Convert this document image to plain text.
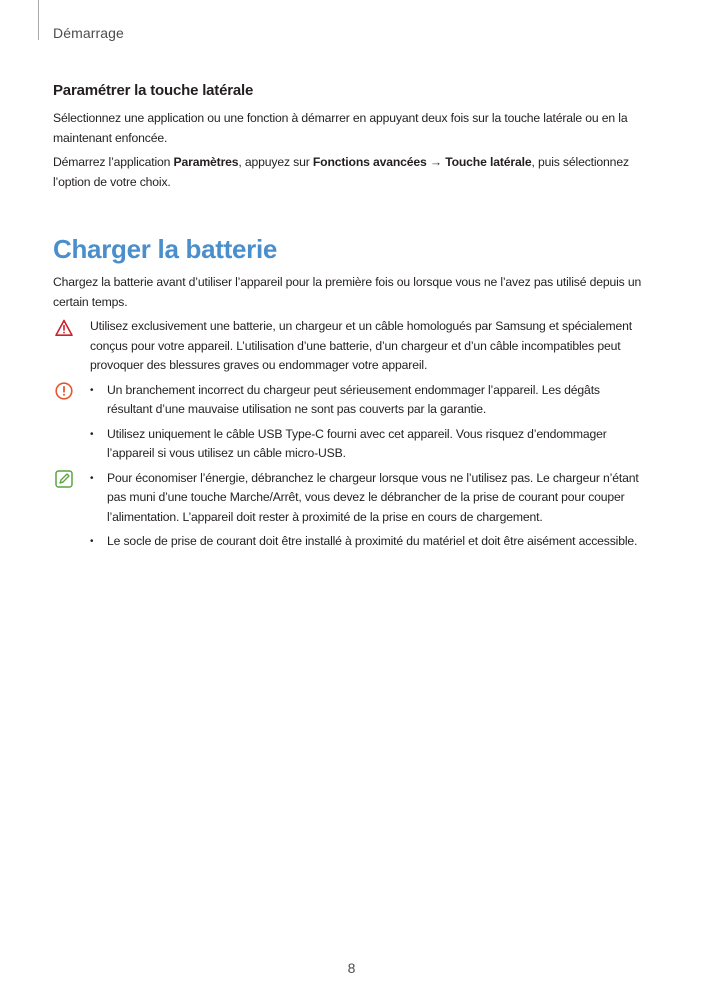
Démarrage
Paramétrer la touche latérale

Sélectionnez une application ou une fonction à démarrer en appuyant deux fois sur la touche latérale ou en la maintenant enfoncée.

Démarrez l’application Paramètres, appuyez sur Fonctions avancées → Touche latérale, puis sélectionnez l’option de votre choix.

Charger la batterie

Chargez la batterie avant d’utiliser l’appareil pour la première fois ou lorsque vous ne l’avez pas utilisé depuis un certain temps.

Utilisez exclusivement une batterie, un chargeur et un câble homologués par Samsung et spécialement conçus pour votre appareil. L’utilisation d’une batterie, d’un chargeur et d’un câble incompatibles peut provoquer des blessures graves ou endommager votre appareil.
• Un branchement incorrect du chargeur peut sérieusement endommager l’appareil. Les dégâts résultant d’une mauvaise utilisation ne sont pas couverts par la garantie.
• Utilisez uniquement le câble USB Type-C fourni avec cet appareil. Vous risquez d’endommager l’appareil si vous utilisez un câble micro-USB.
• Pour économiser l’énergie, débranchez le chargeur lorsque vous ne l’utilisez pas. Le chargeur n’étant pas muni d’une touche Marche/Arrêt, vous devez le débrancher de la prise de courant pour couper l’alimentation. L’appareil doit rester à proximité de la prise en cours de chargement.
• Le socle de prise de courant doit être installé à proximité du matériel et doit être aisément accessible.
8
